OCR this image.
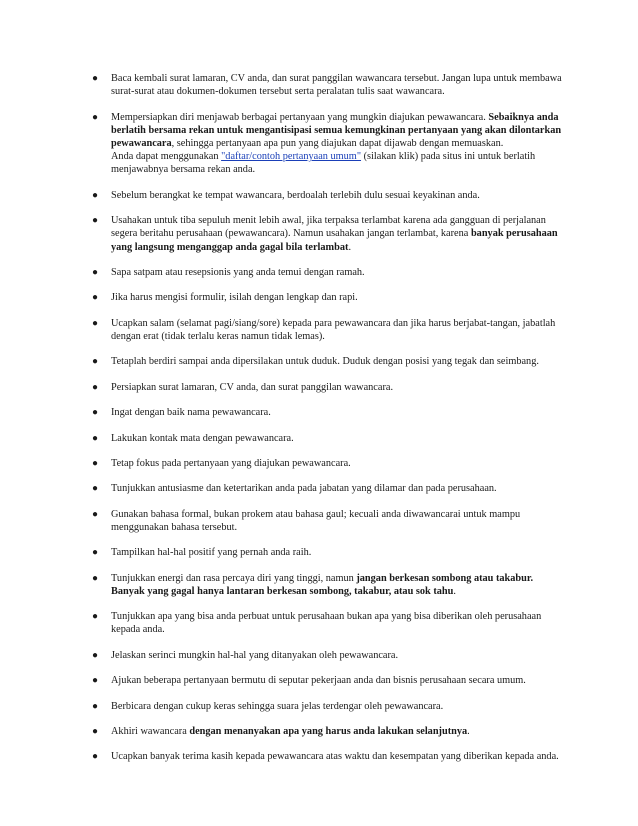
● Baca kembali surat lamaran, CV anda, dan surat panggilan wawancara tersebut. Jangan lupa untuk membawa surat-surat atau dokumen-dokumen tersebut serta peralatan tulis saat wawancara.
● Mempersiapkan diri menjawab berbagai pertanyaan yang mungkin diajukan pewawancara. Sebaiknya anda berlatih bersama rekan untuk mengantisipasi semua kemungkinan pertanyaan yang akan dilontarkan pewawancara, sehingga pertanyaan apa pun yang diajukan dapat dijawab dengan memuaskan.
Anda dapat menggunakan "daftar/contoh pertanyaan umum" (silakan klik) pada situs ini untuk berlatih menjawabnya bersama rekan anda.
● Sebelum berangkat ke tempat wawancara, berdoalah terlebih dulu sesuai keyakinan anda.
● Usahakan untuk tiba sepuluh menit lebih awal, jika terpaksa terlambat karena ada gangguan di perjalanan segera beritahu perusahaan (pewawancara). Namun usahakan jangan terlambat, karena banyak perusahaan yang langsung menganggap anda gagal bila terlambat.
● Sapa satpam atau resepsionis yang anda temui dengan ramah.
● Jika harus mengisi formulir, isilah dengan lengkap dan rapi.
● Ucapkan salam (selamat pagi/siang/sore) kepada para pewawancara dan jika harus berjabat-tangan, jabatlah dengan erat (tidak terlalu keras namun tidak lemas).
● Tetaplah berdiri sampai anda dipersilakan untuk duduk. Duduk dengan posisi yang tegak dan seimbang.
● Persiapkan surat lamaran, CV anda, dan surat panggilan wawancara.
● Ingat dengan baik nama pewawancara.
● Lakukan kontak mata dengan pewawancara.
● Tetap fokus pada pertanyaan yang diajukan pewawancara.
● Tunjukkan antusiasme dan ketertarikan anda pada jabatan yang dilamar dan pada perusahaan.
● Gunakan bahasa formal, bukan prokem atau bahasa gaul; kecuali anda diwawancarai untuk mampu menggunakan bahasa tersebut.
● Tampilkan hal-hal positif yang pernah anda raih.
● Tunjukkan energi dan rasa percaya diri yang tinggi, namun jangan berkesan sombong atau takabur. Banyak yang gagal hanya lantaran berkesan sombong, takabur, atau sok tahu.
● Tunjukkan apa yang bisa anda perbuat untuk perusahaan bukan apa yang bisa diberikan oleh perusahaan kepada anda.
● Jelaskan serinci mungkin hal-hal yang ditanyakan oleh pewawancara.
● Ajukan beberapa pertanyaan bermutu di seputar pekerjaan anda dan bisnis perusahaan secara umum.
● Berbicara dengan cukup keras sehingga suara jelas terdengar oleh pewawancara.
● Akhiri wawancara dengan menanyakan apa yang harus anda lakukan selanjutnya.
● Ucapkan banyak terima kasih kepada pewawancara atas waktu dan kesempatan yang diberikan kepada anda.
